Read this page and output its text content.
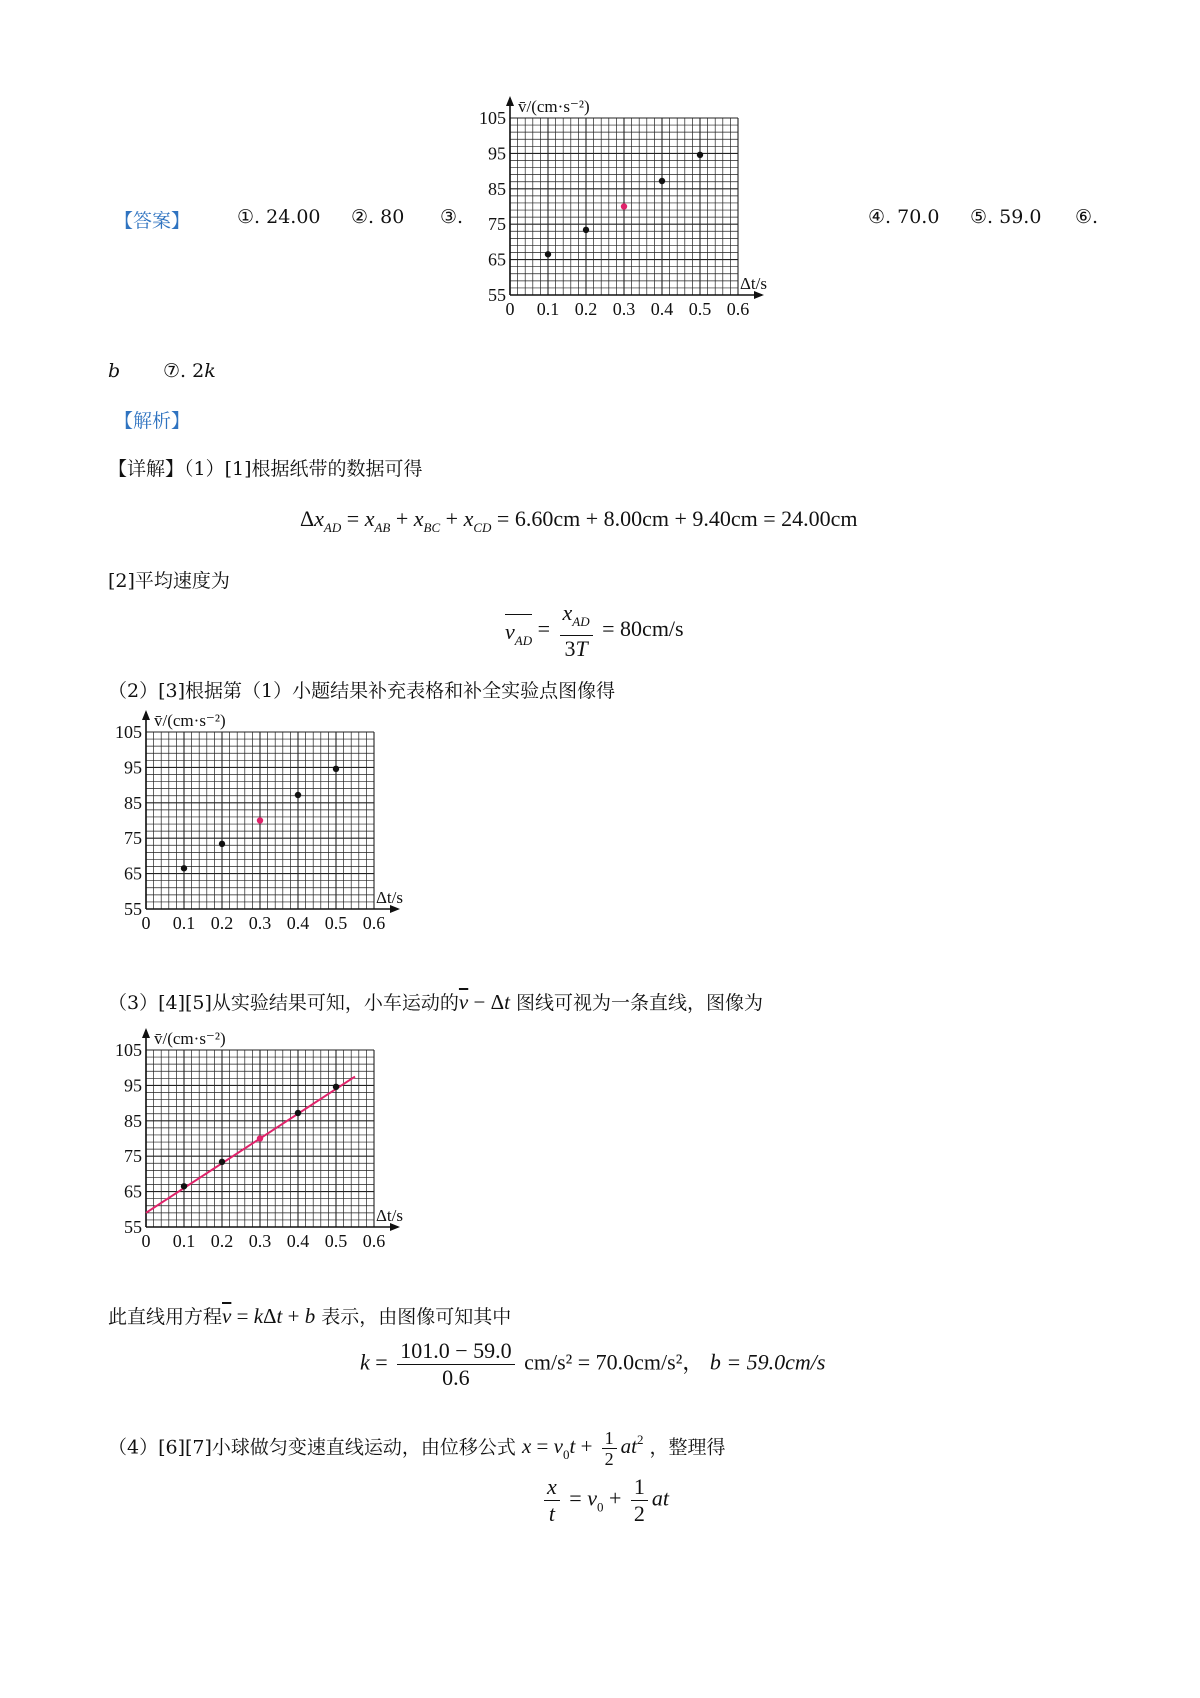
【答案】 ①. 24.00 ②. 80 ③.	④. 70.0 ⑤. 59.0 ⑥.
v̄/(cm·s⁻²)
Δt/s
55
65
75
85
95
105
0 0.1 0.2 0.3 0.4 0.5 0.6
b ⑦. 2k
【解析】
【详解】（1）[1]根据纸带的数据可得
$\Delta x_{AD} = x_{AB} + x_{BC} + x_{CD} = 6.60cm + 8.00cm + 9.40cm = 24.00cm$
[2]平均速度为
$v_{AD} = \frac{x_{AD}}{3T} = 80cm/s$
（2）[3]根据第（1）小题结果补充表格和补全实验点图像得
v̄/(cm·s⁻²)
Δt/s
55
65
75
85
95
105
0 0.1 0.2 0.3 0.4 0.5 0.6
（3）[4][5]从实验结果可知，小车运动的$\overline{v} - \Delta t$ 图线可视为一条直线，图像为
v̄/(cm·s⁻²)
Δt/s
55
65
75
85
95
105
0 0.1 0.2 0.3 0.4 0.5 0.6
此直线用方程$\overline{v} = k\Delta t + b$ 表示，由图像可知其中
$k = \frac{101.0 - 59.0}{0.6} cm/s^2 = 70.0cm/s^2$， b = 59.0cm/s
（4）[6][7]小球做匀变速直线运动，由位移公式 $x = v_0t + \frac{1}{2} at^2$ ，整理得
$\frac{x}{t} = v_0 + \frac{1}{2}$ at
